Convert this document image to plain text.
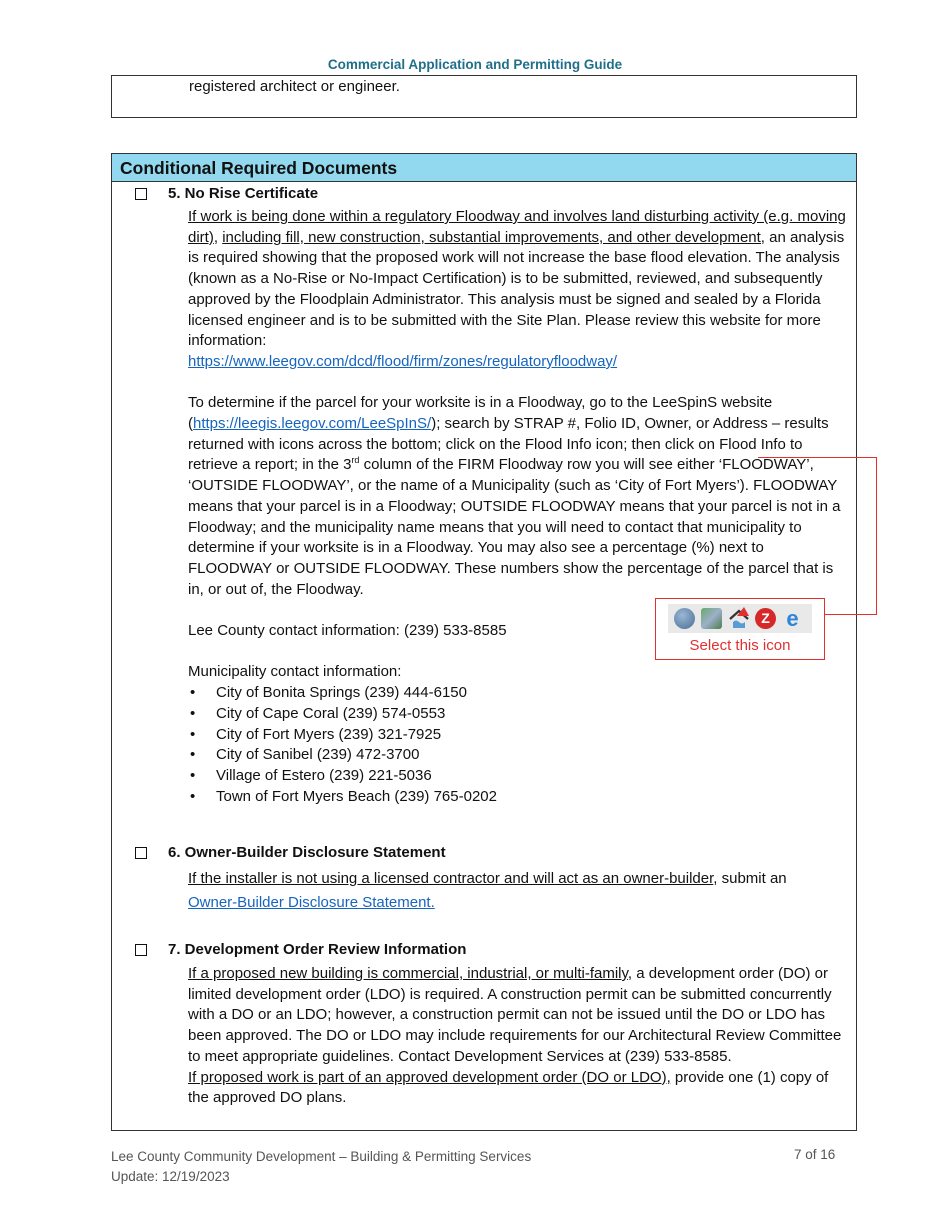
Commercial Application and Permitting Guide
registered architect or engineer.
Conditional Required Documents
5. No Rise Certificate

If work is being done within a regulatory Floodway and involves land disturbing activity (e.g. moving dirt), including fill, new construction, substantial improvements, and other development, an analysis is required showing that the proposed work will not increase the base flood elevation. The analysis (known as a No-Rise or No-Impact Certification) is to be submitted, reviewed, and subsequently approved by the Floodplain Administrator. This analysis must be signed and sealed by a Florida licensed engineer and is to be submitted with the Site Plan. Please review this website for more information:
https://www.leegov.com/dcd/flood/firm/zones/regulatoryfloodway/

To determine if the parcel for your worksite is in a Floodway, go to the LeeSpinS website (https://leegis.leegov.com/LeeSpInS/); search by STRAP #, Folio ID, Owner, or Address – results returned with icons across the bottom; click on the Flood Info icon; then click on Flood Info to retrieve a report; in the 3rd column of the FIRM Floodway row you will see either ‘FLOODWAY’, ‘OUTSIDE FLOODWAY’, or the name of a Municipality (such as ‘City of Fort Myers’). FLOODWAY means that your parcel is in a Floodway; OUTSIDE FLOODWAY means that your parcel is not in a Floodway; and the municipality name means that you will need to contact that municipality to determine if your worksite is in a Floodway. You may also see a percentage (%) next to FLOODWAY or OUTSIDE FLOODWAY. These numbers show the percentage of the parcel that is in, or out of, the Floodway.

Lee County contact information: (239) 533-8585

Municipality contact information:

• City of Bonita Springs (239) 444-6150
• City of Cape Coral (239) 574-0553
• City of Fort Myers (239) 321-7925
• City of Sanibel (239) 472-3700
• Village of Estero (239) 221-5036
• Town of Fort Myers Beach (239) 765-0202
6. Owner-Builder Disclosure Statement
If the installer is not using a licensed contractor and will act as an owner-builder, submit an
Owner-Builder Disclosure Statement.
7. Development Order Review Information

If a proposed new building is commercial, industrial, or multi-family, a development order (DO) or limited development order (LDO) is required. A construction permit can be submitted concurrently with a DO or an LDO; however, a construction permit can not be issued until the DO or LDO has been approved. The DO or LDO may include requirements for our Architectural Review Committee to meet appropriate guidelines. Contact Development Services at (239) 533-8585.

If proposed work is part of an approved development order (DO or LDO), provide one (1) copy of the approved DO plans.

Z e
Select this icon
Lee County Community Development – Building & Permitting Services
Update: 12/19/2023
7 of 16
